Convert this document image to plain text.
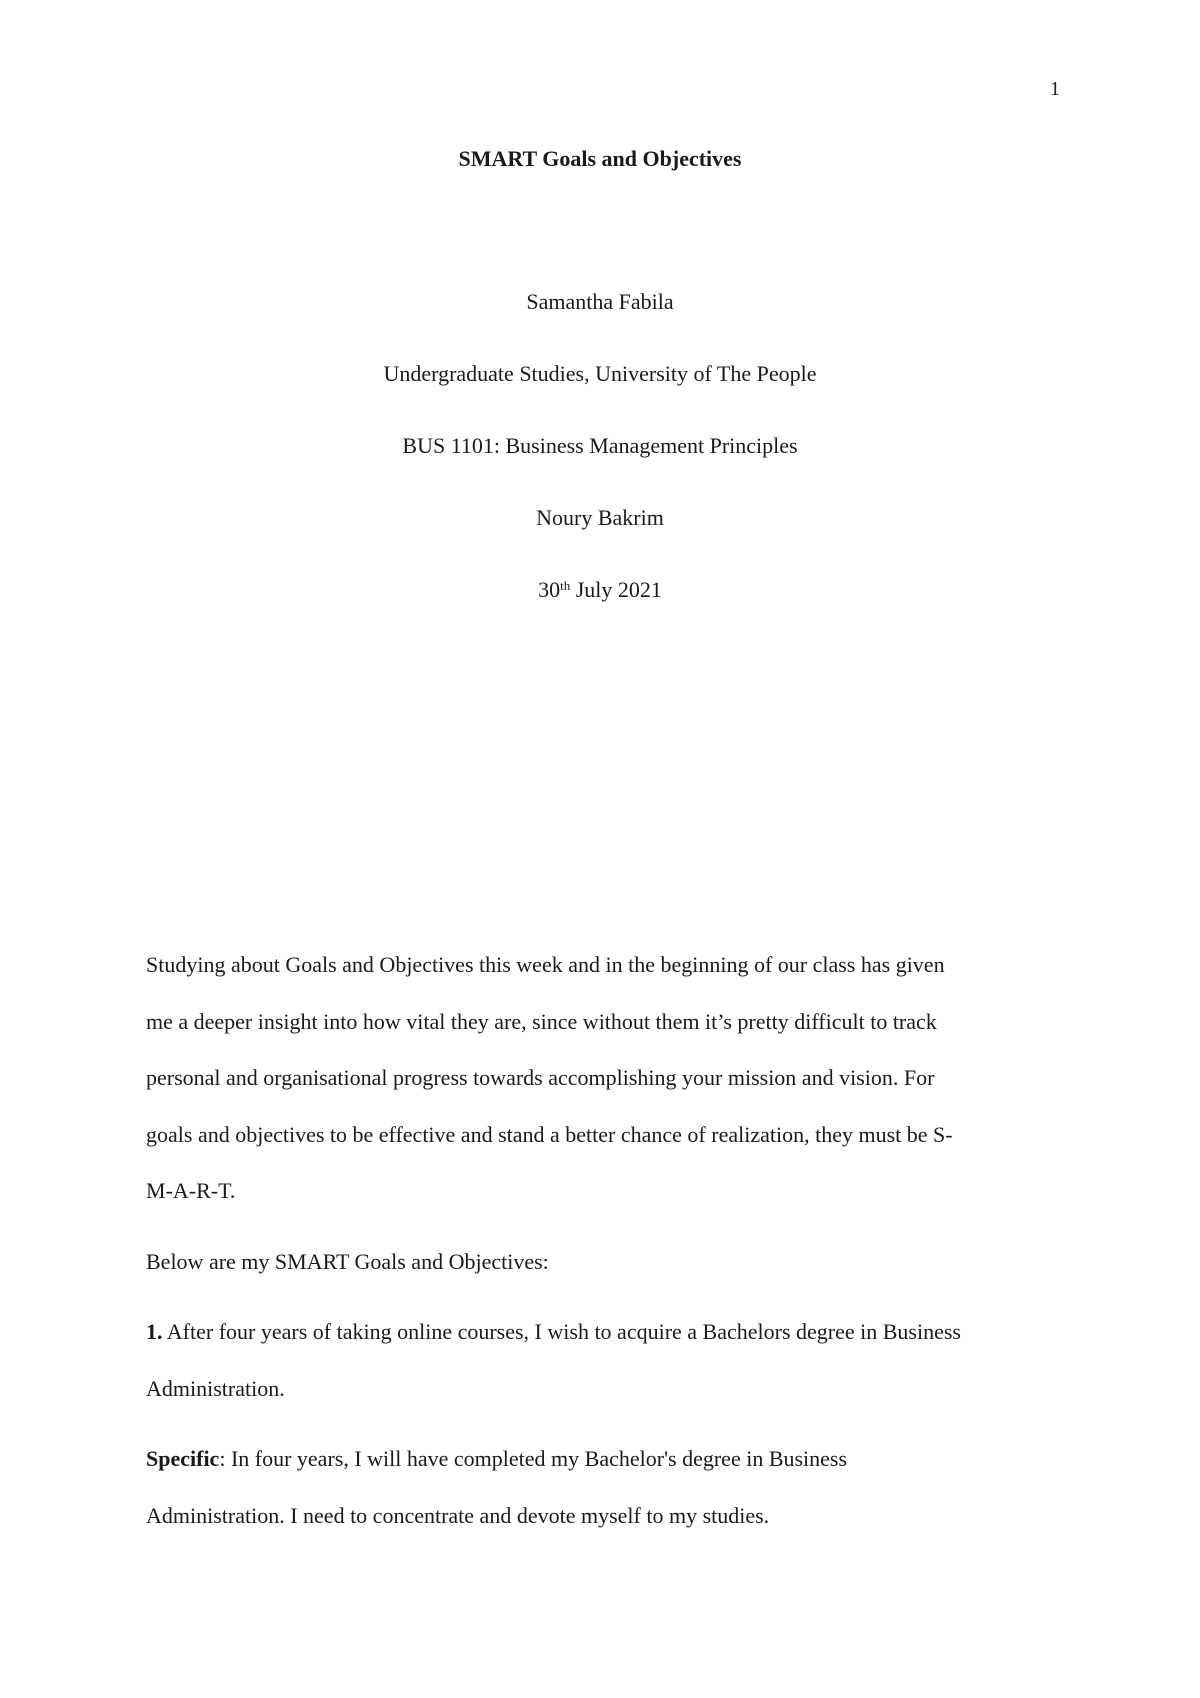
1
SMART Goals and Objectives
Samantha Fabila
Undergraduate Studies, University of The People
BUS 1101: Business Management Principles
Noury Bakrim
30th July 2021

Studying about Goals and Objectives this week and in the beginning of our class has given

me a deeper insight into how vital they are, since without them it’s pretty difficult to track

personal and organisational progress towards accomplishing your mission and vision. For

goals and objectives to be effective and stand a better chance of realization, they must be S-

M-A-R-T.

Below are my SMART Goals and Objectives:

1. After four years of taking online courses, I wish to acquire a Bachelors degree in Business

Administration.

Specific: In four years, I will have completed my Bachelor's degree in Business

Administration. I need to concentrate and devote myself to my studies.
